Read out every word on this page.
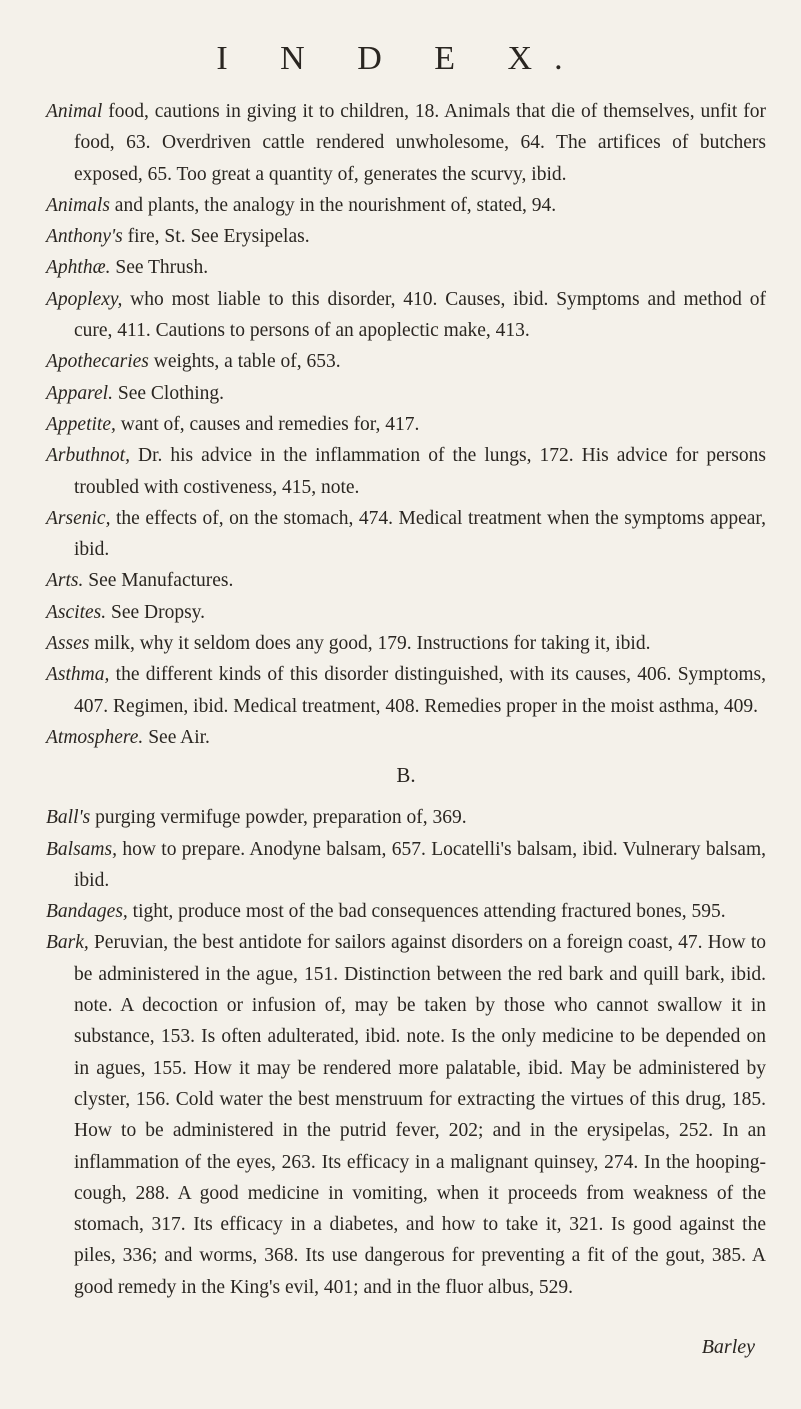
I N D E X.

Animal food, cautions in giving it to children, 18. Animals that die of themselves, unfit for food, 63. Overdriven cattle rendered unwholesome, 64. The artifices of butchers exposed, 65. Too great a quantity of, generates the scurvy, ibid.

Animals and plants, the analogy in the nourishment of, stated, 94.

Anthony's fire, St. See Erysipelas.

Aphthæ. See Thrush.

Apoplexy, who most liable to this disorder, 410. Causes, ibid. Symptoms and method of cure, 411. Cautions to persons of an apoplectic make, 413.

Apothecaries weights, a table of, 653.

Apparel. See Clothing.

Appetite, want of, causes and remedies for, 417.

Arbuthnot, Dr. his advice in the inflammation of the lungs, 172. His advice for persons troubled with costiveness, 415, note.

Arsenic, the effects of, on the stomach, 474. Medical treatment when the symptoms appear, ibid.

Arts. See Manufactures.

Ascites. See Dropsy.

Asses milk, why it seldom does any good, 179. Instructions for taking it, ibid.

Asthma, the different kinds of this disorder distinguished, with its causes, 406. Symptoms, 407. Regimen, ibid. Medical treatment, 408. Remedies proper in the moist asthma, 409.

Atmosphere. See Air.

B.

Ball's purging vermifuge powder, preparation of, 369.

Balsams, how to prepare. Anodyne balsam, 657. Locatelli's balsam, ibid. Vulnerary balsam, ibid.

Bandages, tight, produce most of the bad consequences attending fractured bones, 595.

Bark, Peruvian, the best antidote for sailors against disorders on a foreign coast, 47. How to be administered in the ague, 151. Distinction between the red bark and quill bark, ibid. note. A decoction or infusion of, may be taken by those who cannot swallow it in substance, 153. Is often adulterated, ibid. note. Is the only medicine to be depended on in agues, 155. How it may be rendered more palatable, ibid. May be administered by clyster, 156. Cold water the best menstruum for extracting the virtues of this drug, 185. How to be administered in the putrid fever, 202; and in the erysipelas, 252. In an inflammation of the eyes, 263. Its efficacy in a malignant quinsey, 274. In the hooping-cough, 288. A good medicine in vomiting, when it proceeds from weakness of the stomach, 317. Its efficacy in a diabetes, and how to take it, 321. Is good against the piles, 336; and worms, 368. Its use dangerous for preventing a fit of the gout, 385. A good remedy in the King's evil, 401; and in the fluor albus, 529.

Barley
